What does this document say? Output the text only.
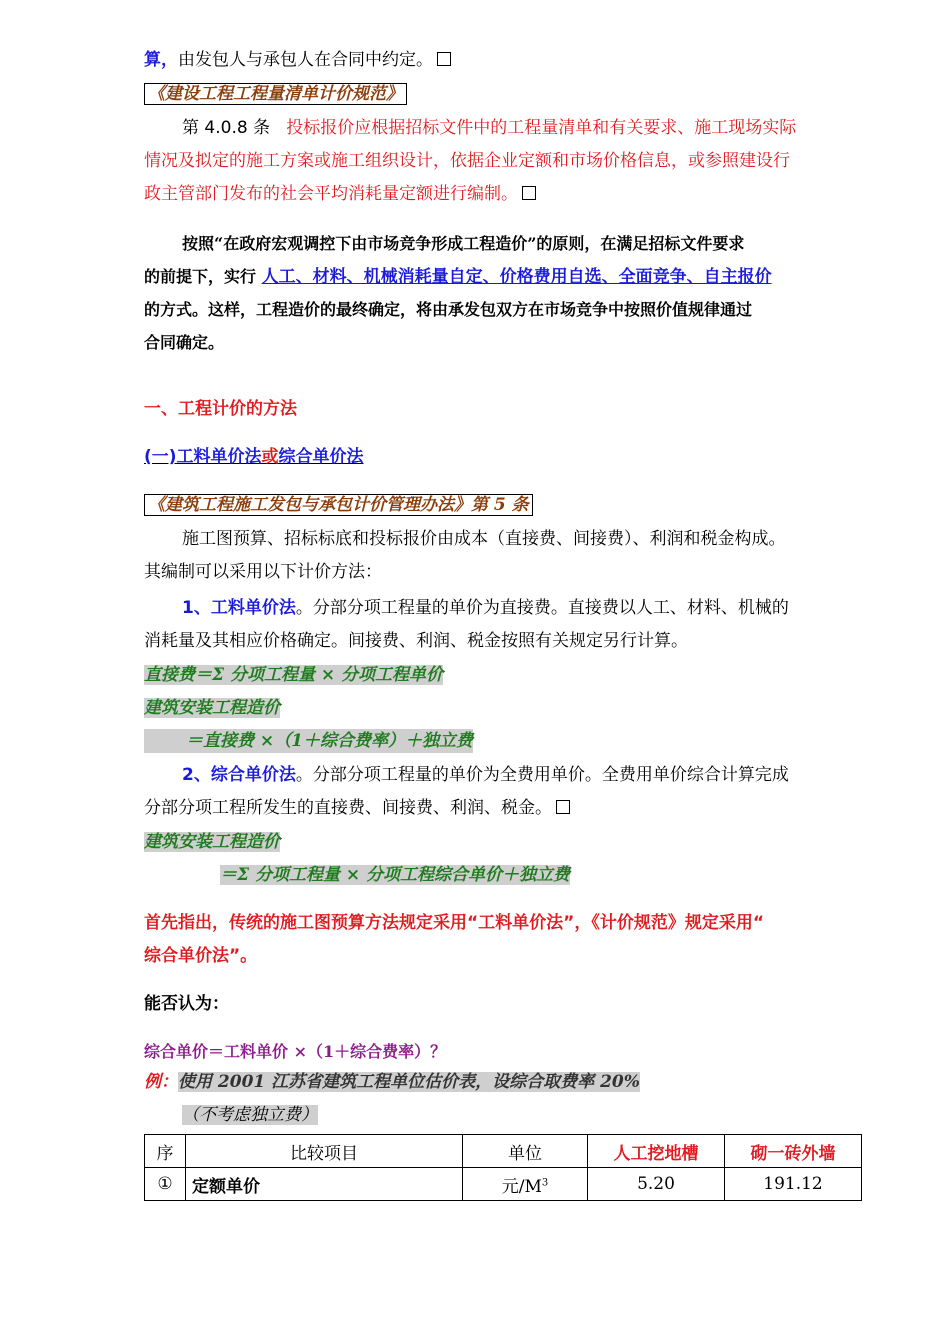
算，由发包人与承包人在合同中约定。
《建设工程工程量清单计价规范》
第 4.0.8 条 投标报价应根据招标文件中的工程量清单和有关要求、施工现场实际
情况及拟定的施工方案或施工组织设计，依据企业定额和市场价格信息，或参照建设行
政主管部门发布的社会平均消耗量定额进行编制。
按照“在政府宏观调控下由市场竞争形成工程造价”的原则，在满足招标文件要求
的前提下，实行 人工、材料、机械消耗量自定、价格费用自选、全面竞争、自主报价
的方式。这样，工程造价的最终确定，将由承发包双方在市场竞争中按照价值规律通过
合同确定。
一、工程计价的方法
(一)工料单价法或综合单价法
《建筑工程施工发包与承包计价管理办法》第 5 条
施工图预算、招标标底和投标报价由成本（直接费、间接费）、利润和税金构成。
其编制可以采用以下计价方法：
1、工料单价法。分部分项工程量的单价为直接费。直接费以人工、材料、机械的
消耗量及其相应价格确定。间接费、利润、税金按照有关规定另行计算。
直接费＝Σ 分项工程量 × 分项工程单价
建筑安装工程造价
＝直接费 ×（1＋综合费率）＋独立费
2、综合单价法。分部分项工程量的单价为全费用单价。全费用单价综合计算完成
分部分项工程所发生的直接费、间接费、利润、税金。
建筑安装工程造价
＝Σ 分项工程量 × 分项工程综合单价＋独立费
首先指出，传统的施工图预算方法规定采用“工料单价法”，《计价规范》规定采用“
综合单价法”。
能否认为：
综合单价＝工料单价 ×（1＋综合费率）？
例：使用 2001 江苏省建筑工程单位估价表，设综合取费率 20%
（不考虑独立费）
序	比较项目	单位	人工挖地槽	砌一砖外墙
①	定额单价	元$/M^3$	5.20	191.12
